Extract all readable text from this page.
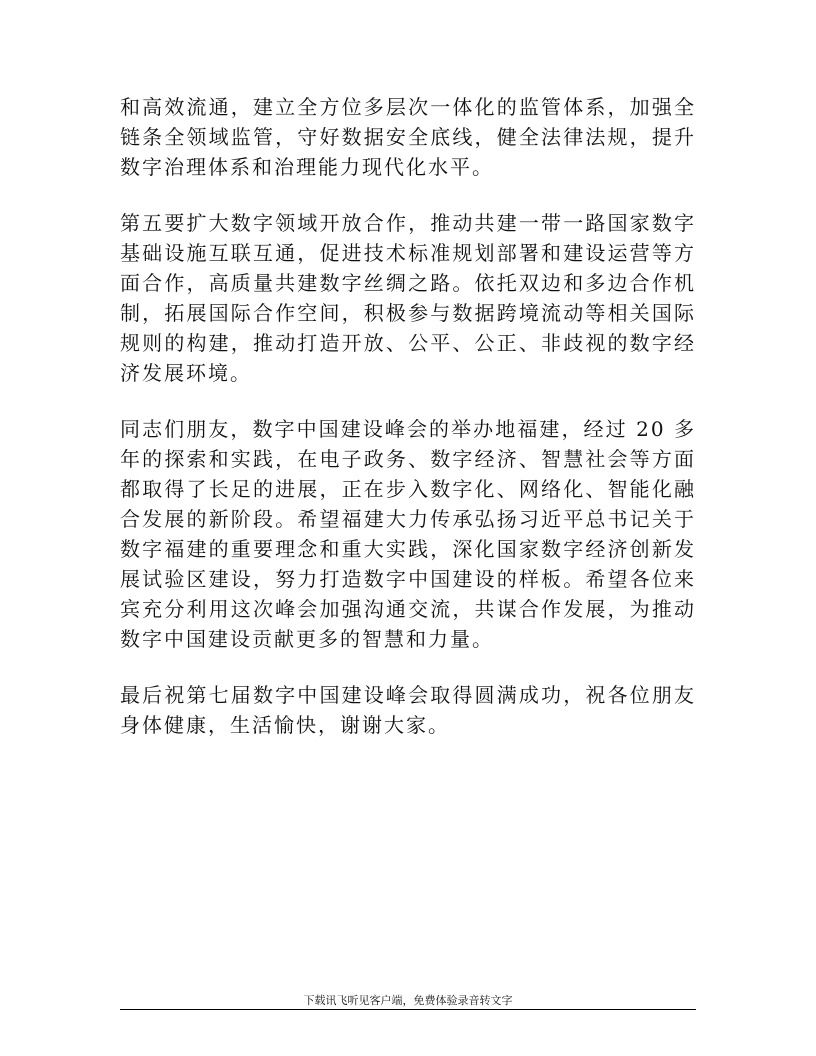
和高效流通，建立全方位多层次一体化的监管体系，加强全链条全领域监管，守好数据安全底线，健全法律法规，提升数字治理体系和治理能力现代化水平。

第五要扩大数字领域开放合作，推动共建一带一路国家数字基础设施互联互通，促进技术标准规划部署和建设运营等方面合作，高质量共建数字丝绸之路。依托双边和多边合作机制，拓展国际合作空间，积极参与数据跨境流动等相关国际规则的构建，推动打造开放、公平、公正、非歧视的数字经济发展环境。

同志们朋友，数字中国建设峰会的举办地福建，经过 20 多年的探索和实践，在电子政务、数字经济、智慧社会等方面都取得了长足的进展，正在步入数字化、网络化、智能化融合发展的新阶段。希望福建大力传承弘扬习近平总书记关于数字福建的重要理念和重大实践，深化国家数字经济创新发展试验区建设，努力打造数字中国建设的样板。希望各位来宾充分利用这次峰会加强沟通交流，共谋合作发展，为推动数字中国建设贡献更多的智慧和力量。

最后祝第七届数字中国建设峰会取得圆满成功，祝各位朋友身体健康，生活愉快，谢谢大家。

下载讯飞听见客户端，免费体验录音转文字
